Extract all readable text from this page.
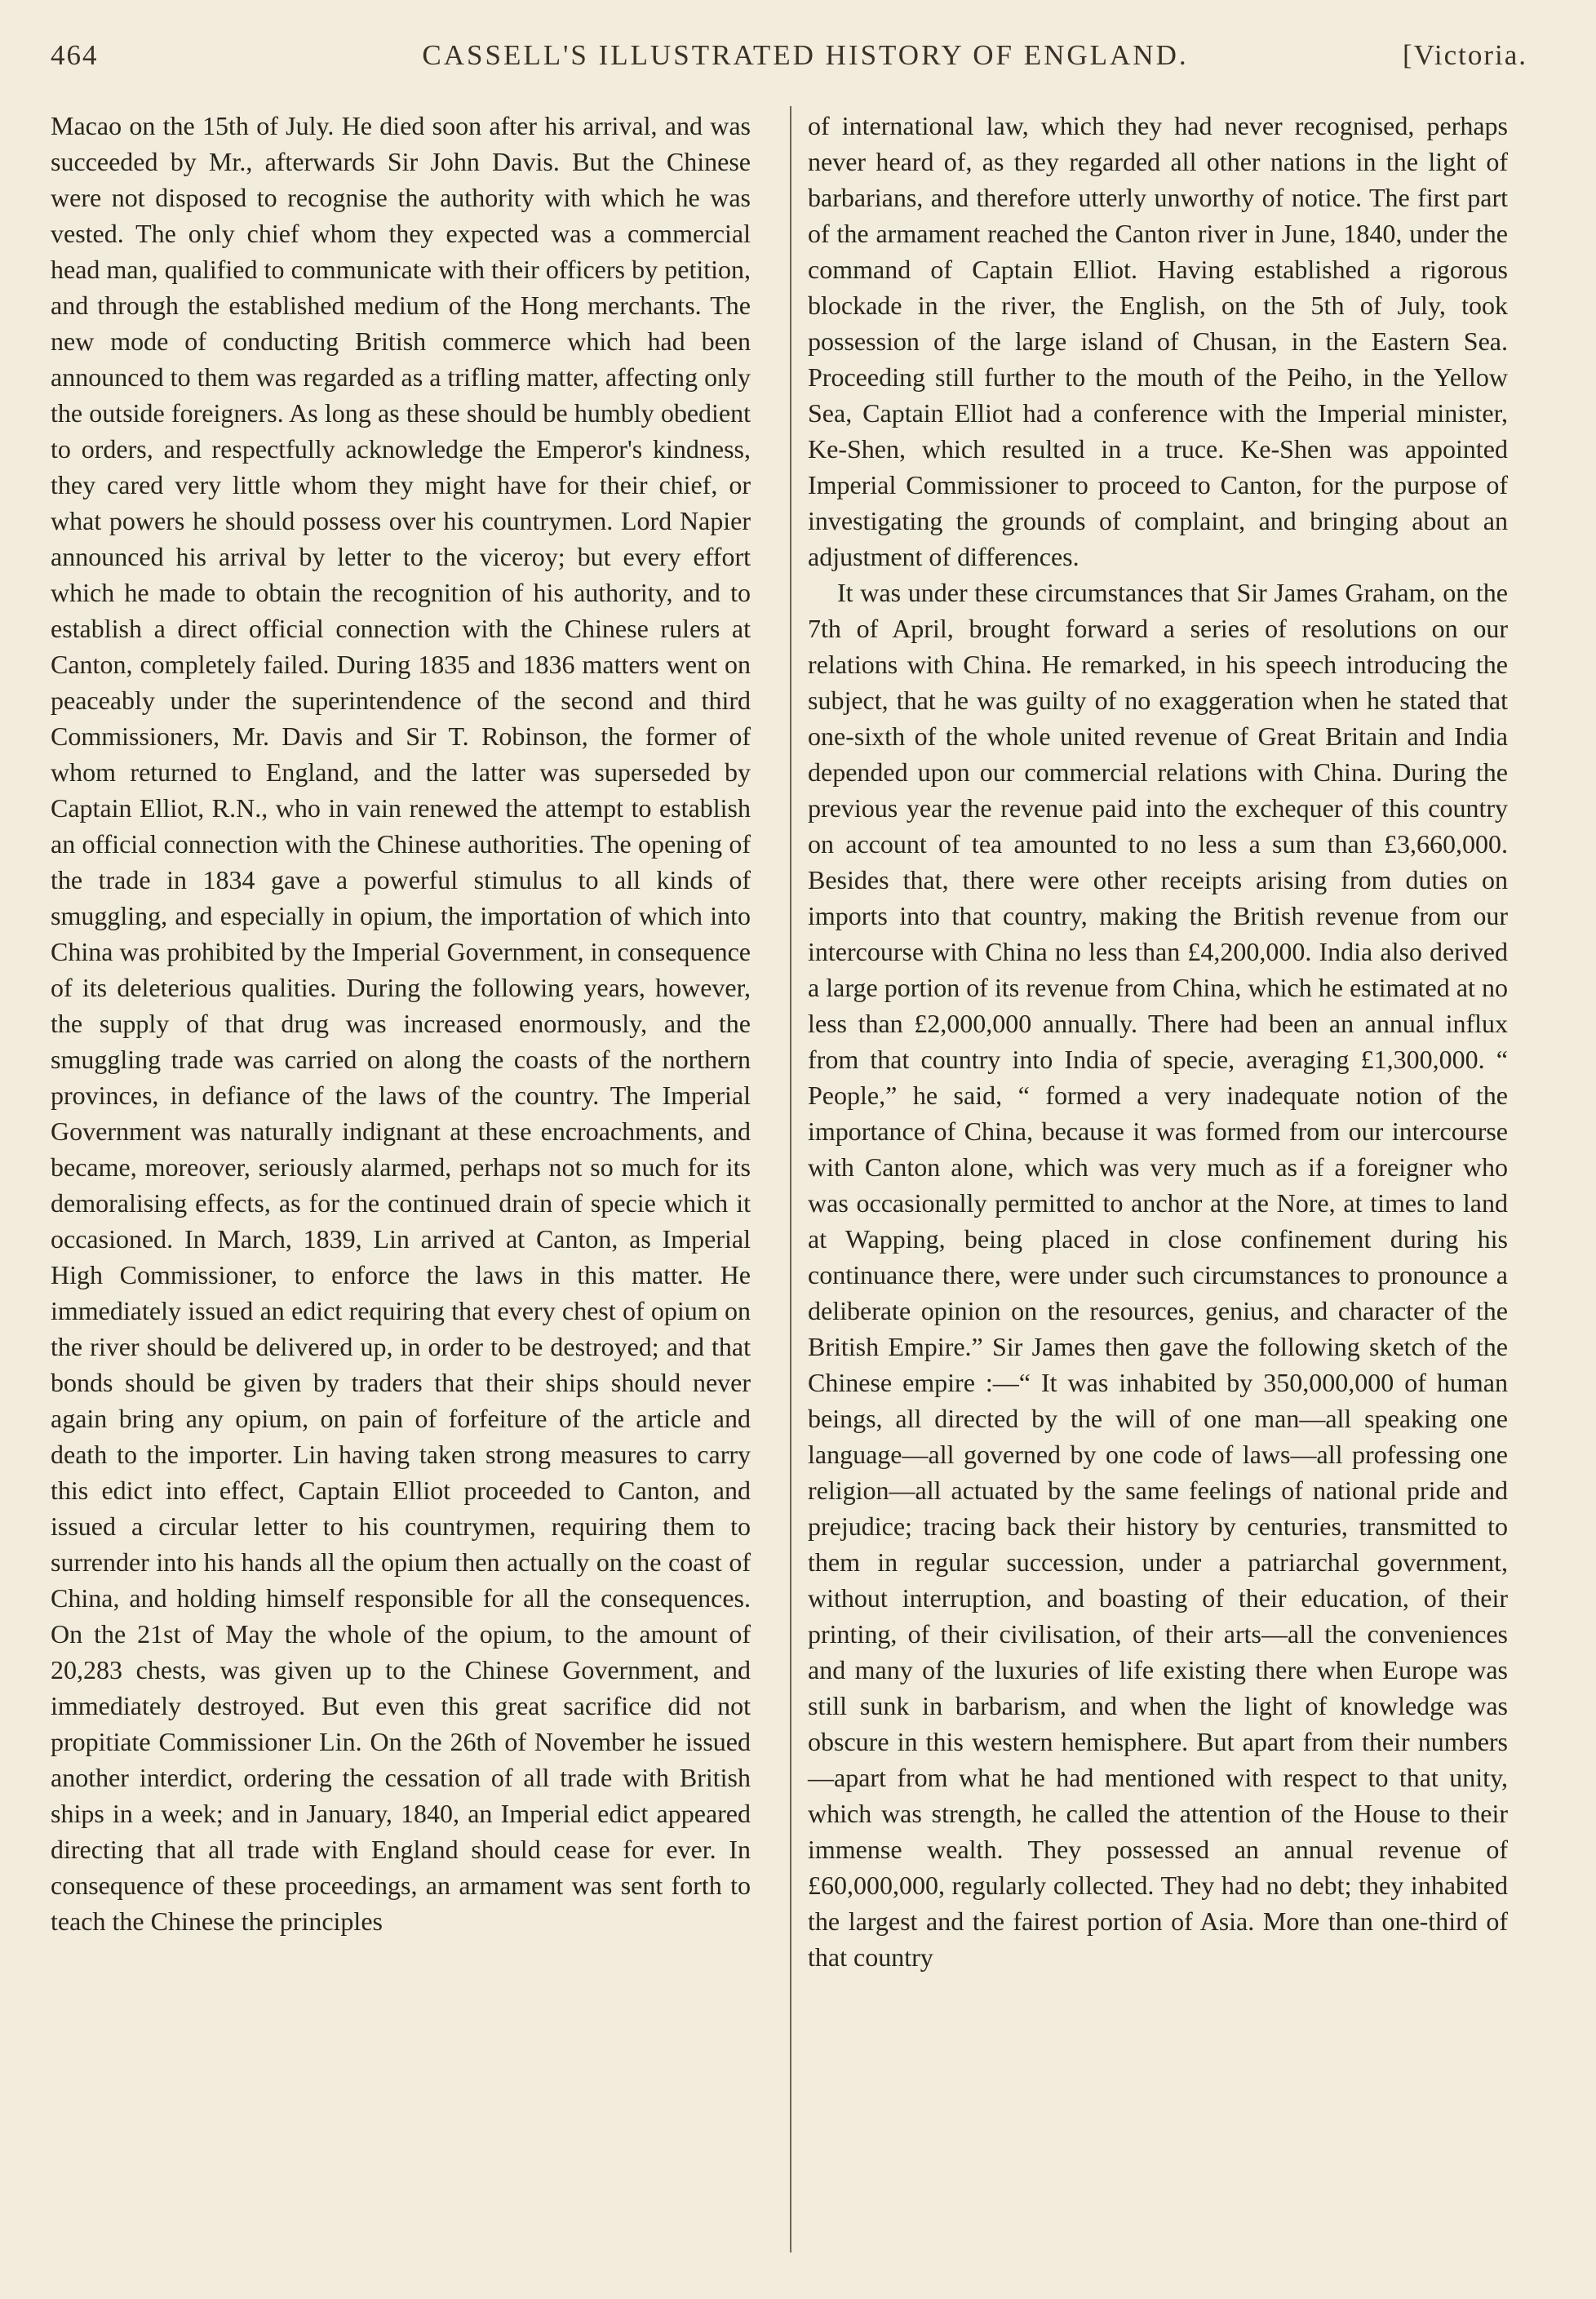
464	CASSELL'S ILLUSTRATED HISTORY OF ENGLAND.	[Victoria.

Macao on the 15th of July. He died soon after his arrival, and was succeeded by Mr., afterwards Sir John Davis. But the Chinese were not disposed to recognise the authority with which he was vested. The only chief whom they expected was a commercial head man, qualified to communicate with their officers by petition, and through the established medium of the Hong merchants. The new mode of conducting British commerce which had been announced to them was regarded as a trifling matter, affecting only the outside foreigners. As long as these should be humbly obedient to orders, and respectfully acknowledge the Emperor's kindness, they cared very little whom they might have for their chief, or what powers he should possess over his countrymen. Lord Napier announced his arrival by letter to the viceroy; but every effort which he made to obtain the recognition of his authority, and to establish a direct official connection with the Chinese rulers at Canton, completely failed. During 1835 and 1836 matters went on peaceably under the superintendence of the second and third Commissioners, Mr. Davis and Sir T. Robinson, the former of whom returned to England, and the latter was superseded by Captain Elliot, R.N., who in vain renewed the attempt to establish an official connection with the Chinese authorities. The opening of the trade in 1834 gave a powerful stimulus to all kinds of smuggling, and especially in opium, the importation of which into China was prohibited by the Imperial Government, in consequence of its deleterious qualities. During the following years, however, the supply of that drug was increased enormously, and the smuggling trade was carried on along the coasts of the northern provinces, in defiance of the laws of the country. The Imperial Government was naturally indignant at these encroachments, and became, moreover, seriously alarmed, perhaps not so much for its demoralising effects, as for the continued drain of specie which it occasioned. In March, 1839, Lin arrived at Canton, as Imperial High Commissioner, to enforce the laws in this matter. He immediately issued an edict requiring that every chest of opium on the river should be delivered up, in order to be destroyed; and that bonds should be given by traders that their ships should never again bring any opium, on pain of forfeiture of the article and death to the importer. Lin having taken strong measures to carry this edict into effect, Captain Elliot proceeded to Canton, and issued a circular letter to his countrymen, requiring them to surrender into his hands all the opium then actually on the coast of China, and holding himself responsible for all the consequences. On the 21st of May the whole of the opium, to the amount of 20,283 chests, was given up to the Chinese Government, and immediately destroyed. But even this great sacrifice did not propitiate Commissioner Lin. On the 26th of November he issued another interdict, ordering the cessation of all trade with British ships in a week; and in January, 1840, an Imperial edict appeared directing that all trade with England should cease for ever. In consequence of these proceedings, an armament was sent forth to teach the Chinese the principles

of international law, which they had never recognised, perhaps never heard of, as they regarded all other nations in the light of barbarians, and therefore utterly unworthy of notice. The first part of the armament reached the Canton river in June, 1840, under the command of Captain Elliot. Having established a rigorous blockade in the river, the English, on the 5th of July, took possession of the large island of Chusan, in the Eastern Sea. Proceeding still further to the mouth of the Peiho, in the Yellow Sea, Captain Elliot had a conference with the Imperial minister, Ke-Shen, which resulted in a truce. Ke-Shen was appointed Imperial Commissioner to proceed to Canton, for the purpose of investigating the grounds of complaint, and bringing about an adjustment of differences.

It was under these circumstances that Sir James Graham, on the 7th of April, brought forward a series of resolutions on our relations with China. He remarked, in his speech introducing the subject, that he was guilty of no exaggeration when he stated that one-sixth of the whole united revenue of Great Britain and India depended upon our commercial relations with China. During the previous year the revenue paid into the exchequer of this country on account of tea amounted to no less a sum than £3,660,000. Besides that, there were other receipts arising from duties on imports into that country, making the British revenue from our intercourse with China no less than £4,200,000. India also derived a large portion of its revenue from China, which he estimated at no less than £2,000,000 annually. There had been an annual influx from that country into India of specie, averaging £1,300,000. “ People,” he said, “ formed a very inadequate notion of the importance of China, because it was formed from our intercourse with Canton alone, which was very much as if a foreigner who was occasionally permitted to anchor at the Nore, at times to land at Wapping, being placed in close confinement during his continuance there, were under such circumstances to pronounce a deliberate opinion on the resources, genius, and character of the British Empire.” Sir James then gave the following sketch of the Chinese empire :—“ It was inhabited by 350,000,000 of human beings, all directed by the will of one man—all speaking one language—all governed by one code of laws—all professing one religion—all actuated by the same feelings of national pride and prejudice; tracing back their history by centuries, transmitted to them in regular succession, under a patriarchal government, without interruption, and boasting of their education, of their printing, of their civilisation, of their arts—all the conveniences and many of the luxuries of life existing there when Europe was still sunk in barbarism, and when the light of knowledge was obscure in this western hemisphere. But apart from their numbers—apart from what he had mentioned with respect to that unity, which was strength, he called the attention of the House to their immense wealth. They possessed an annual revenue of £60,000,000, regularly collected. They had no debt; they inhabited the largest and the fairest portion of Asia. More than one-third of that country
